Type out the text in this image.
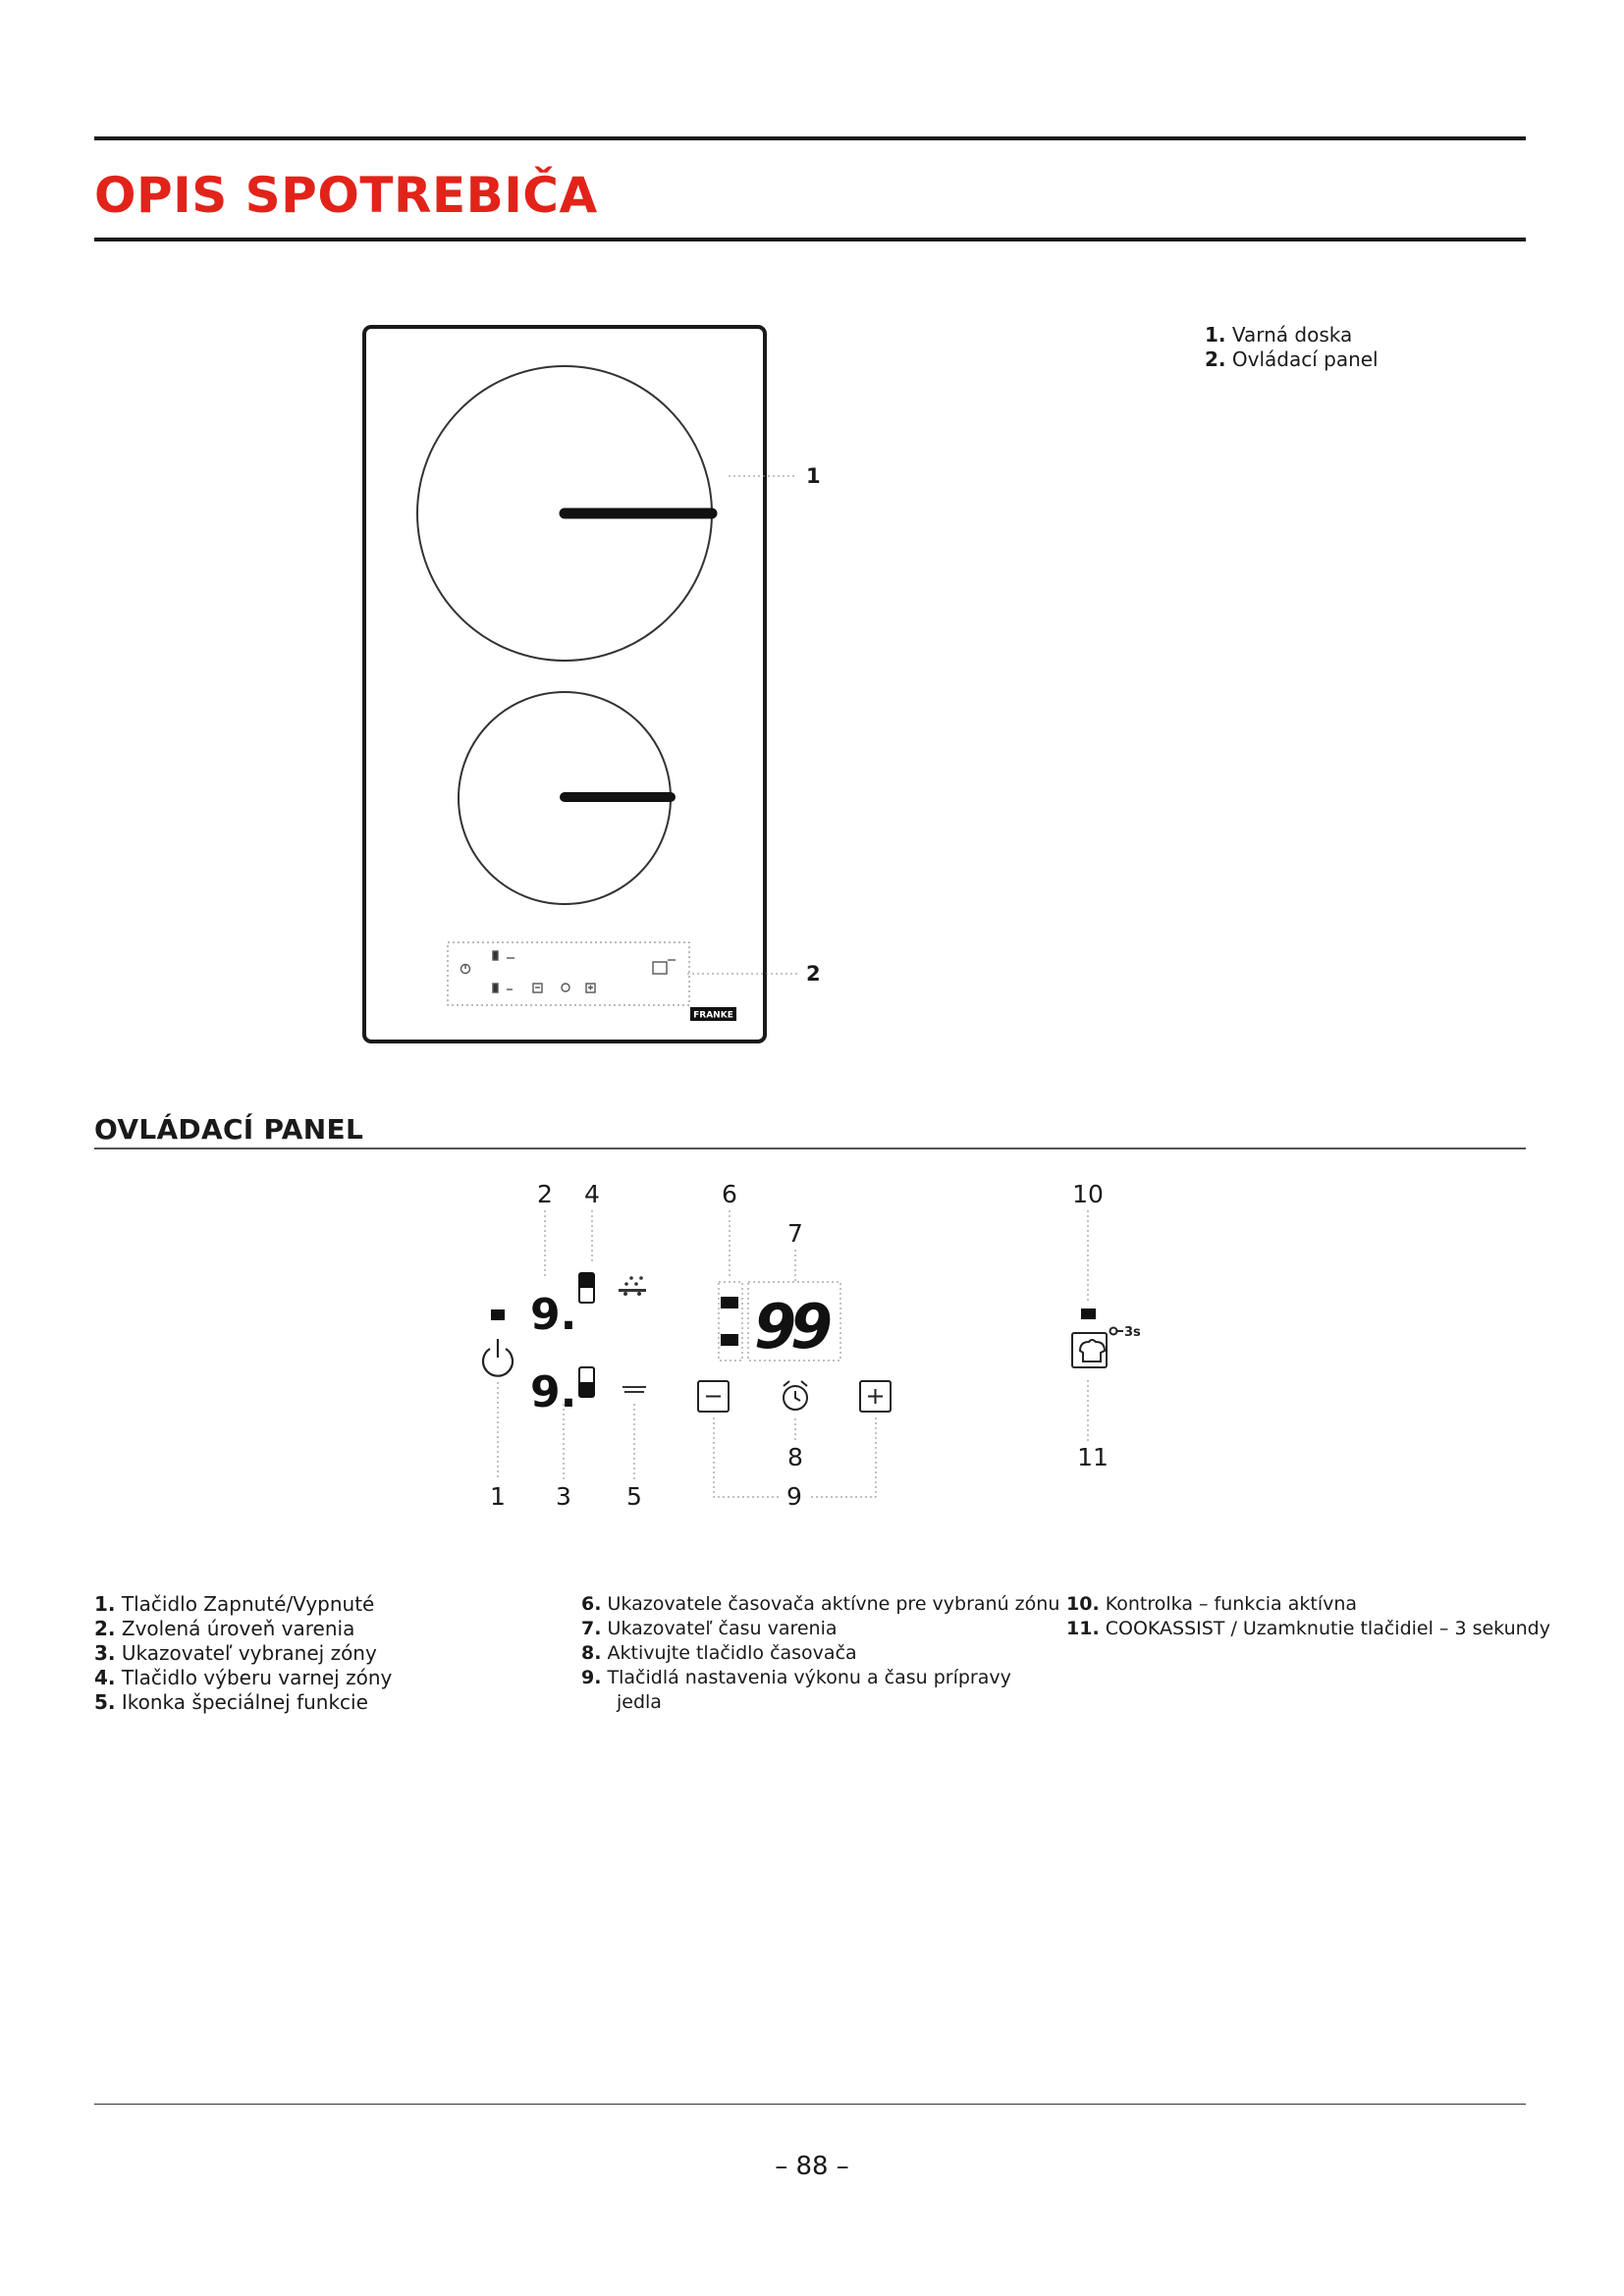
OPIS SPOTREBIČA
FRANKE
1
2
1. Varná doska
2. Ovládací panel
OVLÁDACÍ PANEL
2 4	6
7
10
1 3 5
8
9
11
9.
9.
99	3s
1. Tlačidlo Zapnuté/Vypnuté
2. Zvolená úroveň varenia
3. Ukazovateľ vybranej zóny
4. Tlačidlo výberu varnej zóny
5. Ikonka špeciálnej funkcie
6. Ukazovatele časovača aktívne pre vybranú zónu
7. Ukazovateľ času varenia
8. Aktivujte tlačidlo časovača
9. Tlačidlá nastavenia výkonu a času prípravy
jedla
10. Kontrolka – funkcia aktívna
11. COOKASSIST / Uzamknutie tlačidiel – 3 sekundy
– 88 –
